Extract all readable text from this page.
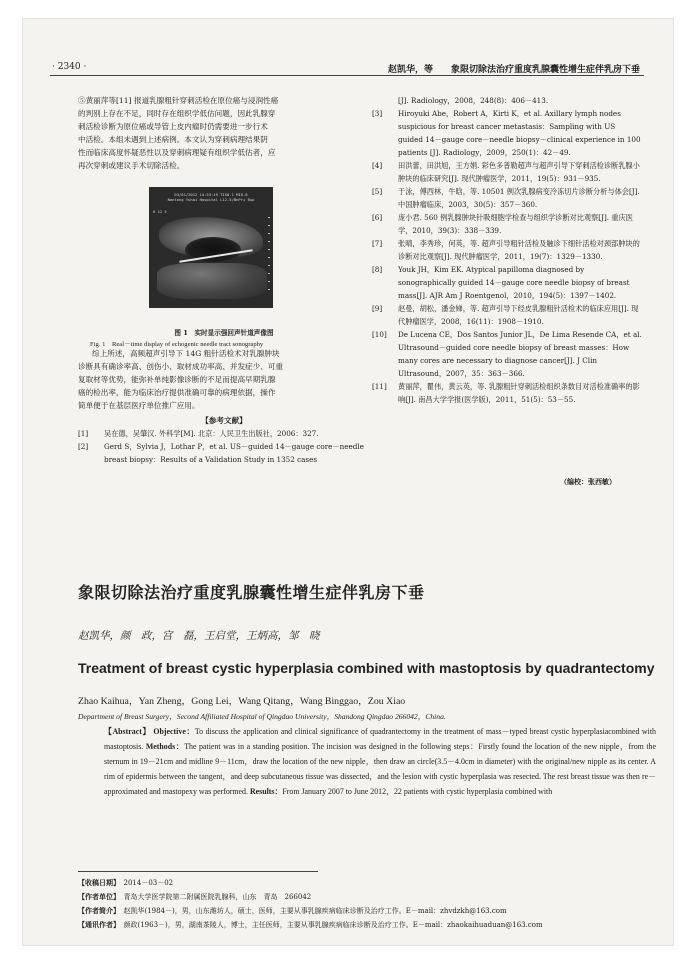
· 2340 ·	赵凯华，等　　象限切除法治疗重度乳腺囊性增生症伴乳房下垂

⑤黄丽萍等[11] 报道乳腺粗针穿刺活检在原位癌与浸润性癌

的判别上存在不足，同时存在组织学低估问题，因此乳腺穿

刺活检诊断为原位癌或导管上皮内瘤时仍需要进一步行术

中活检。本组未遇到上述病例。本文认为穿刺病理结果阴

性而临床高度怀疑恶性以及穿刺病理疑有组织学低估者，应

再次穿刺或建议手术切除活检。

03/01/2012 14:53:19 TIS0.1 MI0.8
Nantong Yuhai Hospital L12-5/BnPri Bup
0 12 5
图 1　实时显示强回声针道声像图
Fig. 1　Real－time display of echogenic needle tract sonography

综上所述，高频超声引导下 14G 粗针活检术对乳腺肿块

诊断具有确诊率高、创伤小、取材成功率高、并发症少、可重

复取材等优势，能弥补单纯影像诊断的不足而提高早期乳腺

癌的检出率，能为临床治疗提供准确可靠的病理依据，操作

简单便于在基层医疗单位推广应用。

【参考文献】

[1]	吴在德，吴肇汉. 外科学[M]. 北京：人民卫生出版社，2006：327.
[2]	Gerd S，Sylvia J，Lothar P，et al. US－guided 14－gauge core－needle breast biopsy：Results of a Validation Study in 1352 cases
[J]. Radiology，2008，248(8)：406－413.
[3]	Hiroyuki Abe，Robert A，Kirti K，et al. Axillary lymph nodes suspicious for breast cancer metastasis：Sampling with US guided 14－gauge core－needle biopsy－clinical experience in 100 patients [J]. Radiology，2009，250(1)：42－49.
[4]	田洪蕾，田洪旭，王方娟. 彩色多普勒超声与超声引导下穿刺活检诊断乳腺小肿块的临床研究[J]. 现代肿瘤医学，2011，19(5)：931－935.
[5]	于泳，傅西林，牛晗，等. 10501 例次乳腺病变冷冻切片诊断分析与体会[J]. 中国肿瘤临床，2003，30(5)：357－360.
[6]	庞小君. 560 例乳腺肿块针吸细胞学检查与组织学诊断对比观察[J]. 重庆医学，2010，39(3)：338－339.
[7]	张晴，李秀珍，何英，等. 超声引导粗针活检及触诊下细针活检对颈部肿块的诊断对比观察[J]. 现代肿瘤医学，2011，19(7)：1329－1330.
[8]	Youk JH，Kim EK. Atypical papilloma diagnosed by sonographically guided 14－gauge core needle biopsy of breast mass[J]. AJR Am J Roentgenol，2010，194(5)：1397－1402.
[9]	赵曼，胡松，潘金娣，等. 超声引导下经皮乳腺粗针活检术的临床应用[J]. 现代肿瘤医学，2008，16(11)：1908－1910.
[10]	De Lucena CE，Dos Santos Junior JL，De Lima Resende CA，et al. Ultrasound－guided core needle biopsy of breast masses：How many cores are necessary to diagnose cancer[J]. J Clin Ultrasound，2007，35：363－366.
[11]	黄丽萍，瞿伟，黄云英，等. 乳腺粗针穿刺活检组织条数目对活检准确率的影响[J]. 南昌大学学报(医学版)，2011，51(5)：53－55.
（编校：张西敏）
象限切除法治疗重度乳腺囊性增生症伴乳房下垂
赵凯华，颜　政，宫　磊，王启堂，王炳高，邹　晓
Treatment of breast cystic hyperplasia combined with mastoptosis by quadrantectomy
Zhao Kaihua，Yan Zheng，Gong Lei，Wang Qitang，Wang Binggao，Zou Xiao
Department of Breast Surgery，Second Affiliated Hospital of Qingdao University，Shandong Qingdao 266042，China.
【Abstract】 Objective：To discuss the application and clinical significance of quadrantectomy in the treatment of mass－typed breast cystic hyperplasiacombined with mastoptosis. Methods：The patient was in a standing position. The incision was designed in the following steps：Firstly found the location of the new nipple，from the sternum in 19－21cm and midline 9－11cm，draw the location of the new nipple，then draw an circle(3.5－4.0cm in diameter) with the original/new nipple as its center. A rim of epidermis between the tangent，and deep subcutaneous tissue was dissected，and the lesion with cystic hyperplasia was resected. The rest breast tissue was then re－approximated and mastopexy was performed. Results：From January 2007 to June 2012，22 patients with cystic hyperplasia combined with
【收稿日期】　 2014－03－02
【作者单位】　 青岛大学医学院第二附属医院乳腺科，山东　青岛　266042
【作者简介】　 赵凯华(1984－)，男，山东潍坊人，硕士，医师，主要从事乳腺疾病临床诊断及治疗工作。E－mail：zhvdzkh@163.com
【通讯作者】　 颜政(1963－)，男，湖南茶陵人，博士，主任医师，主要从事乳腺疾病临床诊断及治疗工作。E－mail：zhaokaihuaduan@163.com
